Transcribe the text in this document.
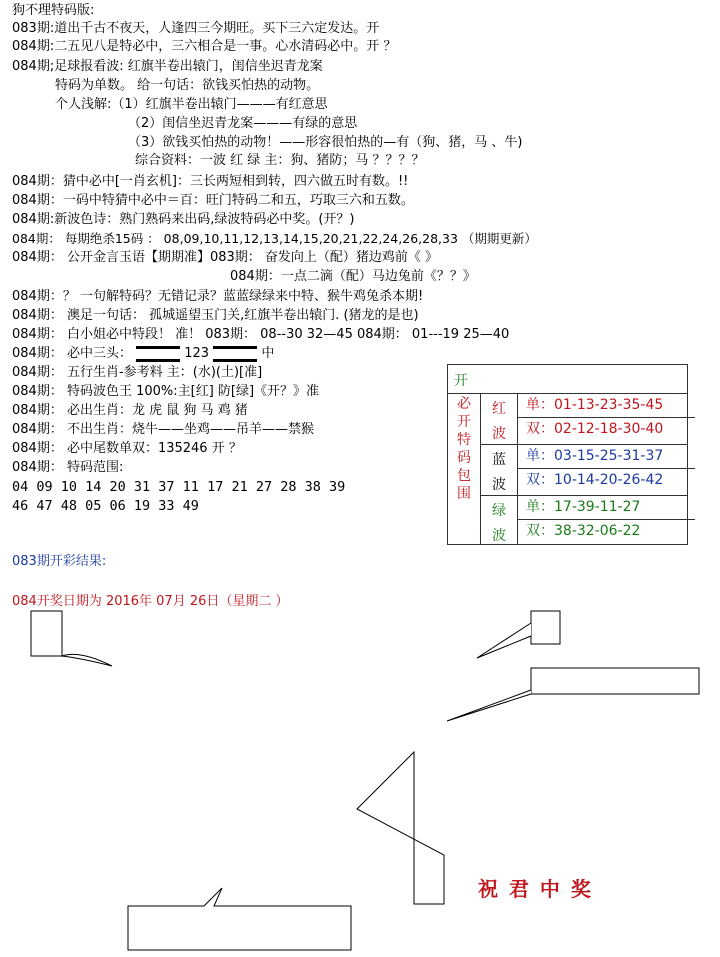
狗不理特码版:
083期:道出千古不夜天，人逢四三今期旺。买下三六定发达。开
084期:二五见八是特必中，三六相合是一事。心水清码必中。开 ？
084期;足球报看波: 红旗半卷出辕门，闺信坐迟青龙案
特码为单数。 给一句话：欲钱买怕热的动物。
个人浅解:（1）红旗半卷出辕门———有红意思
（2）闺信坐迟青龙案———有绿的意思
（3）欲钱买怕热的动物！——形容很怕热的—有（狗、猪，马 、牛)
综合资料：一波 红 绿 主：狗、猪防；马 ？？？？
084期：猜中必中[一肖玄机]：三长两短相到转，四六做五时有数。!!
084期：一码中特猜中必中＝百：旺门特码二和五，巧取三六和五数。
084期:新波色诗：熟门熟码来出码,绿波特码必中奖。(开？)
084期： 每期绝杀15码 ： 08,09,10,11,12,13,14,15,20,21,22,24,26,28,33 （期期更新）
084期： 公开金言玉语【期期准】083期： 奋发向上（配）猪边鸡前《 》
084期：一点二滴（配）马边兔前《？？》
084期：？ 一句解特码？无错记录？蓝蓝绿绿来中特、猴牛鸡兔杀本期!
084期： 澳足一句话： 孤城遥望玉门关,红旗半卷出辕门. (猪龙的是也)
084期： 白小姐必中特段！ 准！ 083期： 08--30 32—45 084期： 01---19 25—40
084期： 必中三头：	123	中
084期： 五行生肖-参考料 主：(水)(土)[准]
084期： 特码波色王 100%:主[红] 防[绿]《开？》准
084期： 必出生肖：龙 虎 鼠 狗 马 鸡 猪
084期： 不出生肖：烧牛——坐鸡——吊羊——禁猴
084期： 必中尾数单双：135246 开 ？
084期： 特码范围:
04 09 10 14 20 31 37 11 17 21 27 28 38 39
46 47 48 05 06 19 33 49
083期开彩结果:
084开奖日期为 2016年 07月 26日（星期二 ）
开
必
开
特
码
包
围
红
波
单：01-13-23-35-45
双：02-12-18-30-40
蓝
波
单：03-15-25-31-37
双：10-14-20-26-42
绿
波
单：17-39-11-27
双：38-32-06-22
祝 君 中 奖
